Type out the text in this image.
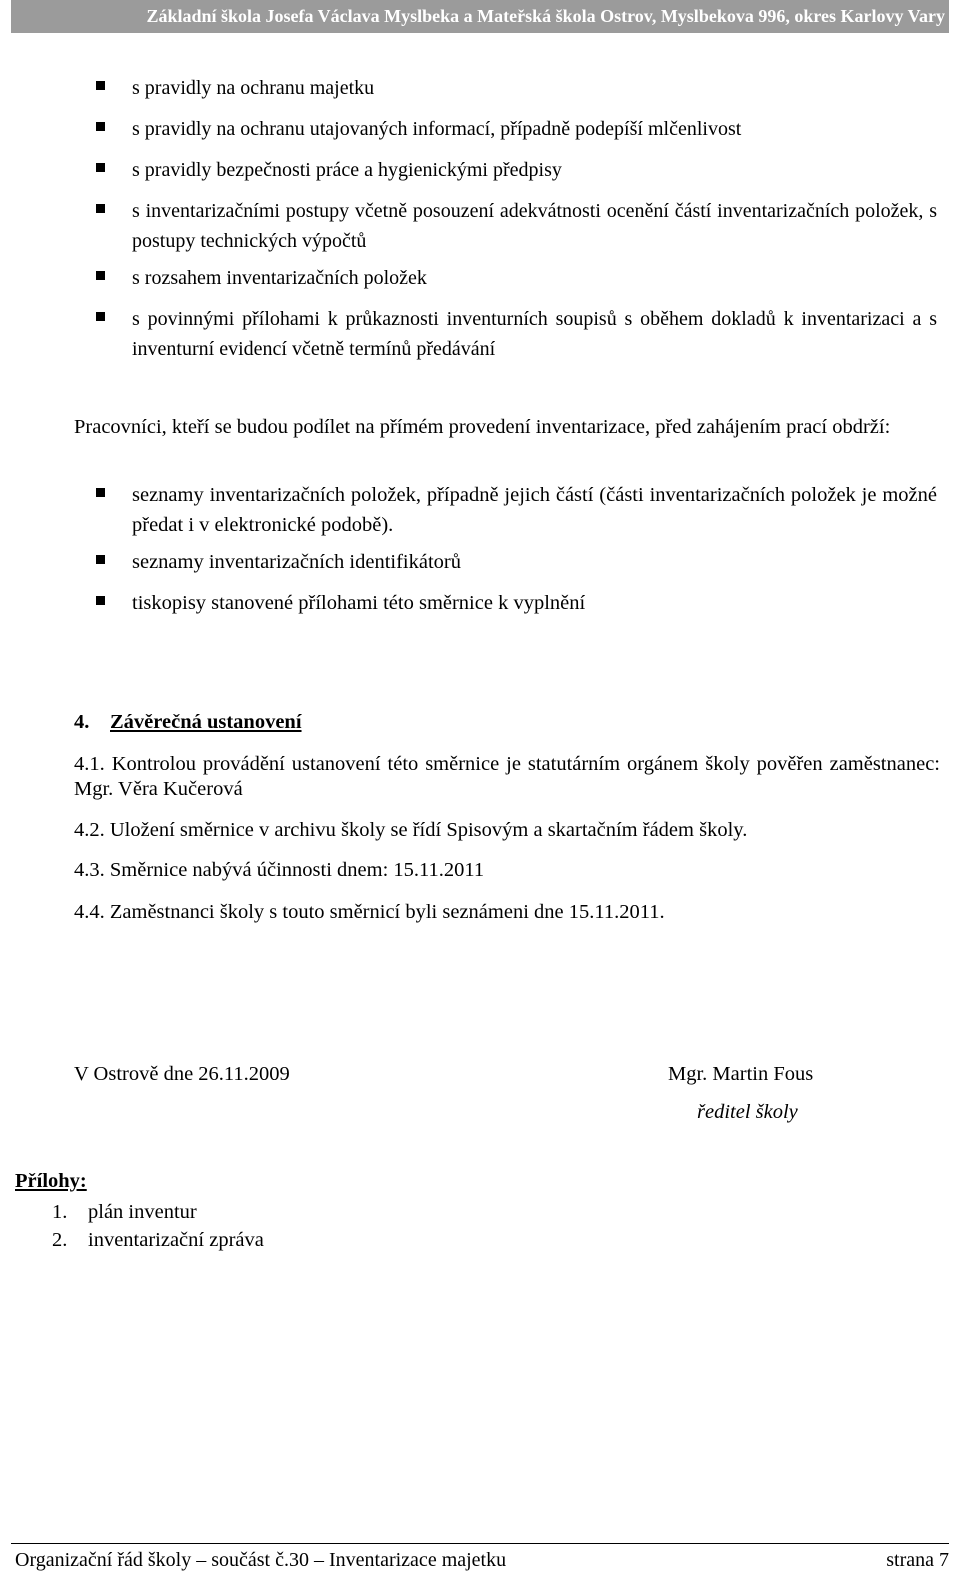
Základní škola Josefa Václava Myslbeka a Mateřská škola Ostrov, Myslbekova 996, okres Karlovy Vary
s pravidly na ochranu majetku
s pravidly na ochranu utajovaných informací, případně podepíší mlčenlivost
s pravidly bezpečnosti práce a hygienickými předpisy
s inventarizačními postupy včetně posouzení adekvátnosti ocenění částí inventarizačních položek, s postupy technických výpočtů
s rozsahem inventarizačních položek
s povinnými přílohami k průkaznosti inventurních soupisů s oběhem dokladů k inventarizaci a s inventurní evidencí včetně termínů předávání

Pracovníci, kteří se budou podílet na přímém provedení inventarizace, před zahájením prací obdrží:

seznamy inventarizačních položek, případně jejich částí (části inventarizačních položek je možné předat i v elektronické podobě).
seznamy inventarizačních identifikátorů
tiskopisy stanovené přílohami této směrnice k vyplnění
4. Závěrečná ustanovení
4.1. Kontrolou provádění ustanovení této směrnice je statutárním orgánem školy pověřen zaměstnanec: Mgr. Věra Kučerová
4.2. Uložení směrnice v archivu školy se řídí Spisovým a skartačním řádem školy.
4.3. Směrnice nabývá účinnosti dnem: 15.11.2011
4.4. Zaměstnanci školy s touto směrnicí byli seznámeni dne 15.11.2011.
V Ostrově dne 26.11.2009	Mgr. Martin Fous
ředitel školy
Přílohy:
1. plán inventur
2. inventarizační zpráva
Organizační řád školy – součást č.30 – Inventarizace majetku	strana 7
